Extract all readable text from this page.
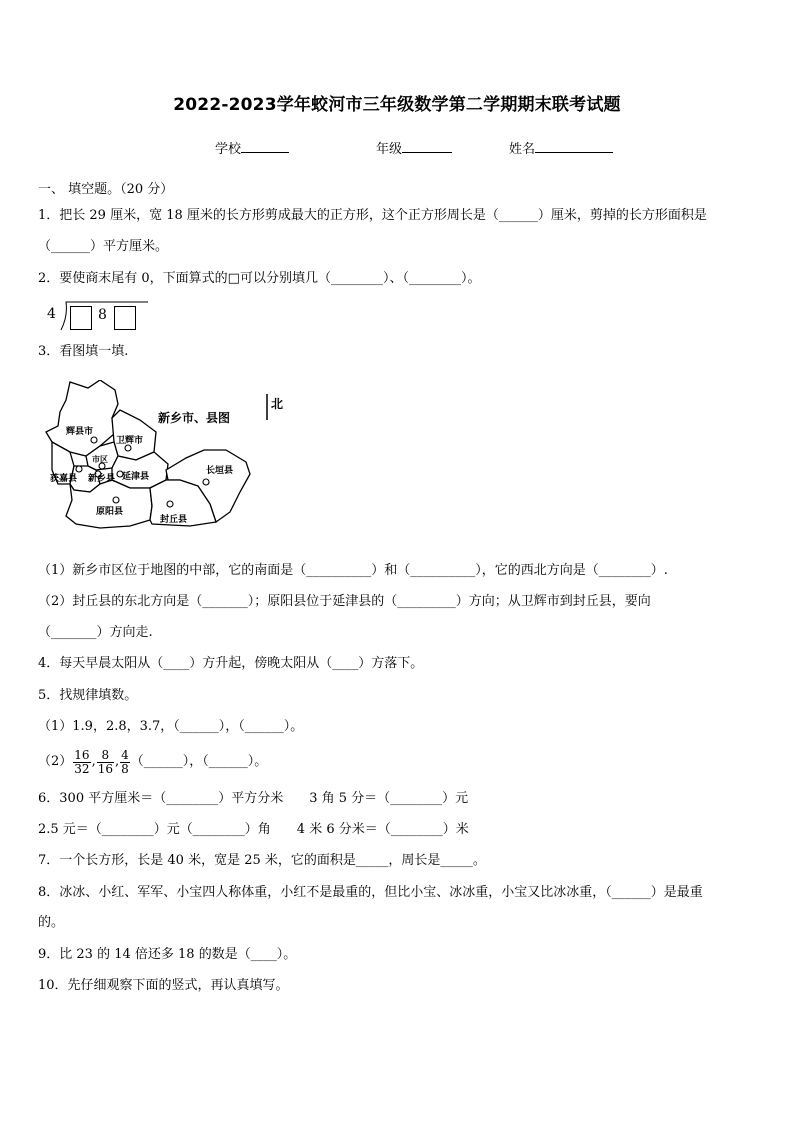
2022-2023学年蛟河市三年级数学第二学期期末联考试题
学校	年级	姓名
一、 填空题。（20 分）
1．把长 29 厘米，宽 18 厘米的长方形剪成最大的正方形，这个正方形周长是（______）厘米，剪掉的长方形面积是
（______）平方厘米。
2．要使商末尾有 0，下面算式的□可以分别填几（________）、（________）。
4	8
3．看图填一填.
辉县市
卫辉市
市区
获嘉县 新乡县 延津县
长垣县
原阳县
封丘县
新乡市、县图
北
（1）新乡市区位于地图的中部，它的南面是（__________）和（__________），它的西北方向是（________）.
（2）封丘县的东北方向是（_______）；原阳县位于延津县的（_________）方向；从卫辉市到封丘县，要向
（_______）方向走.
4．每天早晨太阳从（____）方升起，傍晚太阳从（____）方落下。
5．找规律填数。
（1）1.9，2.8，3.7，（______），（______）。
$(2) \frac{16}{32}$ , $\frac{8}{16}$ , $\frac{4}{8}$ （______），（______）。
6．300 平方厘米＝（________）平方分米　　3 角 5 分＝（________）元
2.5 元＝（________）元（________）角　　4 米 6 分米＝（________）米
7．一个长方形，长是 40 米，宽是 25 米，它的面积是_____，周长是_____。
8．冰冰、小红、军军、小宝四人称体重，小红不是最重的，但比小宝、冰冰重，小宝又比冰冰重，（______）是最重
的。
9．比 23 的 14 倍还多 18 的数是（____）。
10．先仔细观察下面的竖式，再认真填写。
